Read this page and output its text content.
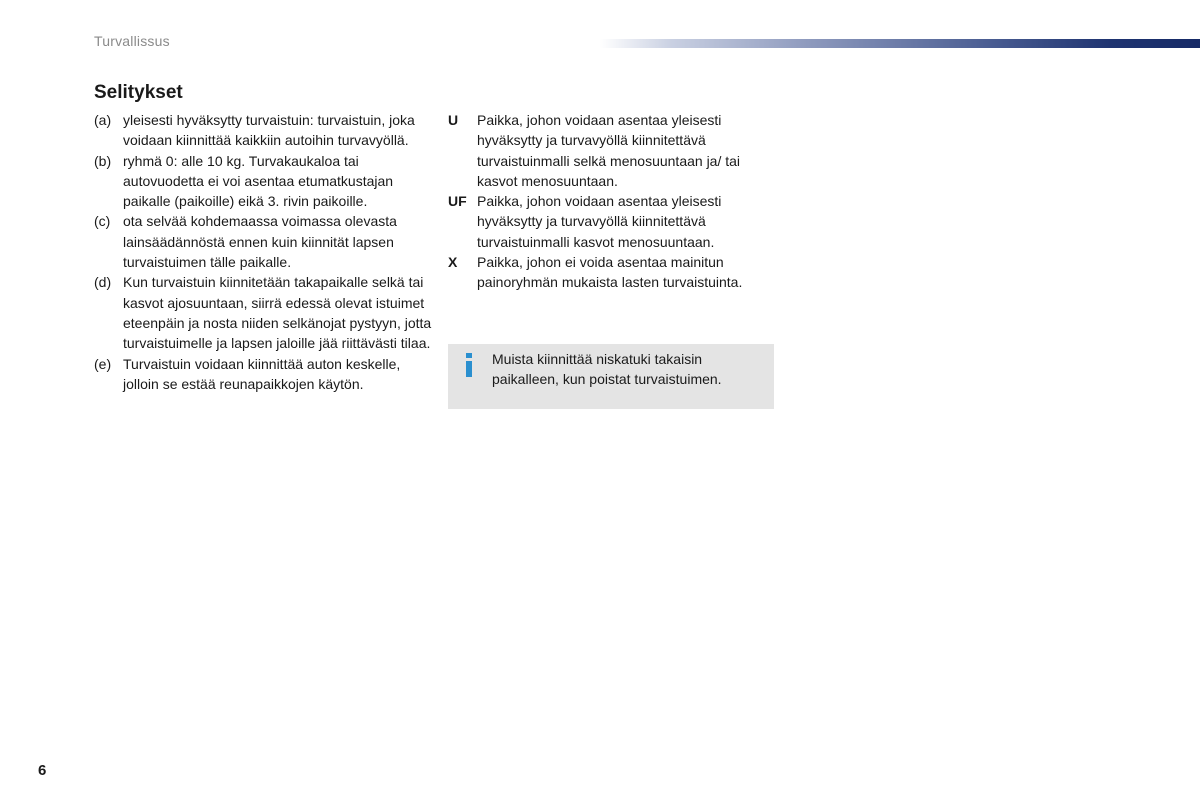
Turvallissus
Selitykset
(a) yleisesti hyväksytty turvaistuin: turvaistuin, joka voidaan kiinnittää kaikkiin autoihin turvavyöllä.
(b) ryhmä 0: alle 10 kg. Turvakaukaloa tai autovuodetta ei voi asentaa etumatkustajan paikalle (paikoille) eikä 3. rivin paikoille.
(c) ota selvää kohdemaassa voimassa olevasta lainsäädännöstä ennen kuin kiinnität lapsen turvaistuimen tälle paikalle.
(d) Kun turvaistuin kiinnitetään takapaikalle selkä tai kasvot ajosuuntaan, siirrä edessä olevat istuimet eteenpäin ja nosta niiden selkänojat pystyyn, jotta turvaistuimelle ja lapsen jaloille jää riittävästi tilaa.
(e) Turvaistuin voidaan kiinnittää auton keskelle, jolloin se estää reunapaikkojen käytön.
U	Paikka, johon voidaan asentaa yleisesti hyväksytty ja turvavyöllä kiinnitettävä turvaistuinmalli selkä menosuuntaan ja/ tai kasvot menosuuntaan.
UF Paikka, johon voidaan asentaa yleisesti hyväksytty ja turvavyöllä kiinnitettävä turvaistuinmalli kasvot menosuuntaan.
X	Paikka, johon ei voida asentaa mainitun painoryhmän mukaista lasten turvaistuinta.
Muista kiinnittää niskatuki takaisin paikalleen, kun poistat turvaistuimen.
6
